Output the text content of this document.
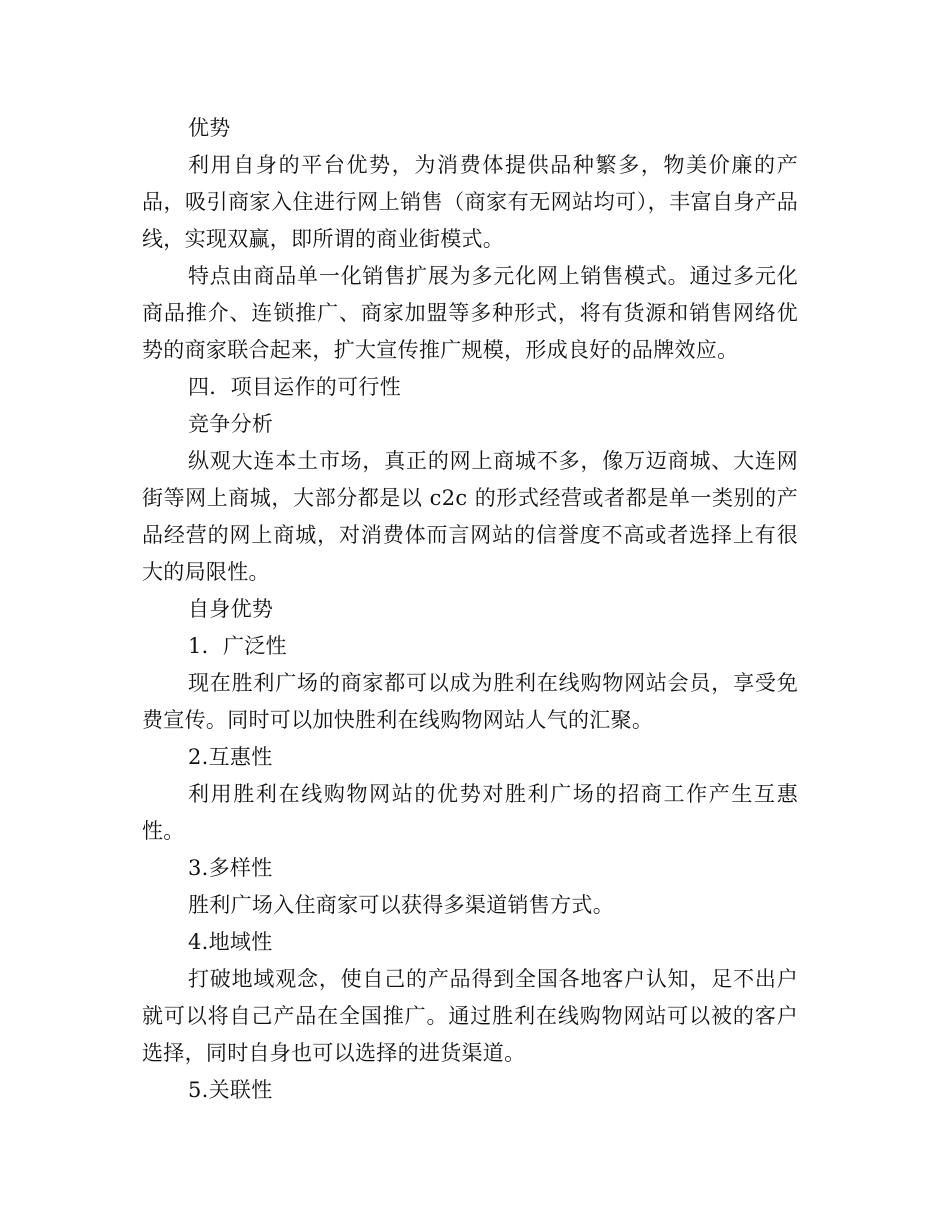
优势

利用自身的平台优势，为消费体提供品种繁多，物美价廉的产品，吸引商家入住进行网上销售（商家有无网站均可），丰富自身产品线，实现双赢，即所谓的商业街模式。

特点由商品单一化销售扩展为多元化网上销售模式。通过多元化商品推介、连锁推广、商家加盟等多种形式，将有货源和销售网络优势的商家联合起来，扩大宣传推广规模，形成良好的品牌效应。

四．项目运作的可行性

竞争分析

纵观大连本土市场，真正的网上商城不多，像万迈商城、大连网街等网上商城，大部分都是以 c2c 的形式经营或者都是单一类别的产品经营的网上商城，对消费体而言网站的信誉度不高或者选择上有很大的局限性。

自身优势

1．广泛性

现在胜利广场的商家都可以成为胜利在线购物网站会员，享受免费宣传。同时可以加快胜利在线购物网站人气的汇聚。

2.互惠性

利用胜利在线购物网站的优势对胜利广场的招商工作产生互惠性。

3.多样性

胜利广场入住商家可以获得多渠道销售方式。

4.地域性

打破地域观念，使自己的产品得到全国各地客户认知，足不出户就可以将自己产品在全国推广。通过胜利在线购物网站可以被的客户选择，同时自身也可以选择的进货渠道。

5.关联性
